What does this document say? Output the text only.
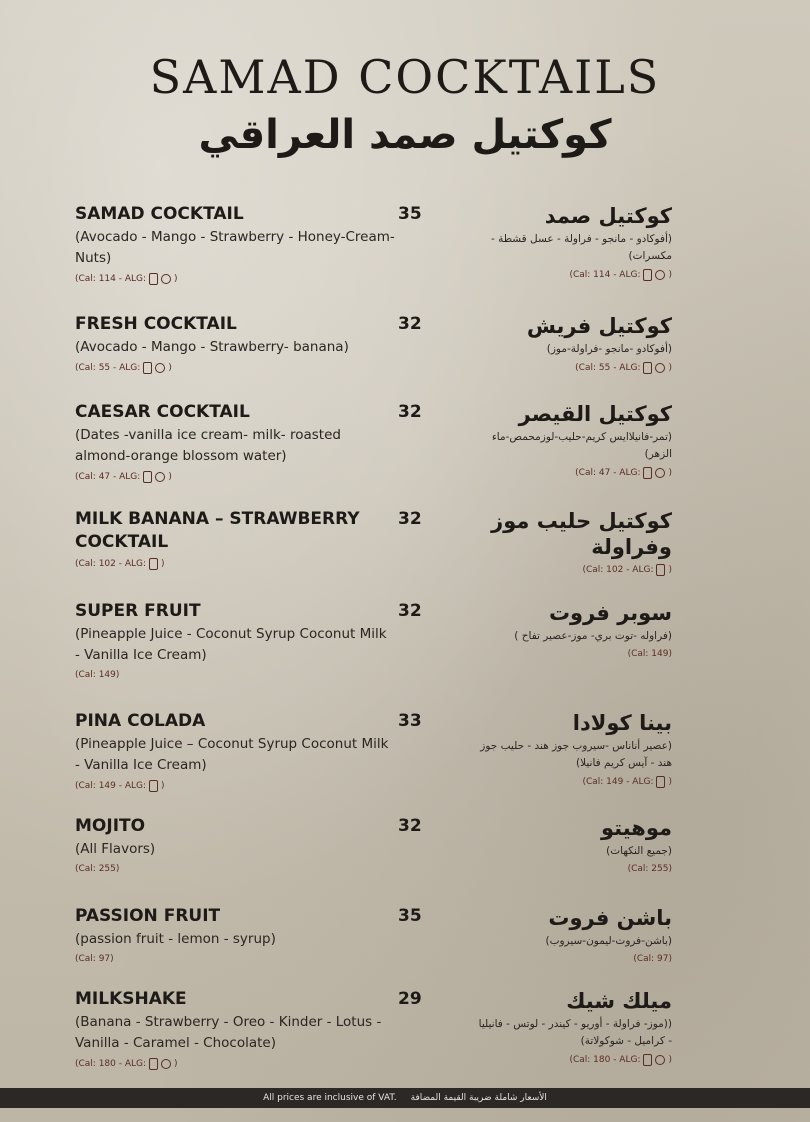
SAMAD COCKTAILS
كوكتيل صمد العراقي
SAMAD COCKTAIL
(Avocado - Mango - Strawberry - Honey-Cream-Nuts)
(Cal: 114 - ALG:	)
35	كوكتيل صمد
(أفوكادو - مانجو - فراولة - عسل قشطة - مكسرات)
(Cal: 114 - ALG:	)
FRESH COCKTAIL
(Avocado - Mango - Strawberry- banana)
(Cal: 55 - ALG:	)
32	كوكتيل فريش
(أفوكادو -مانجو -فراولة-موز)
(Cal: 55 - ALG:	)
CAESAR COCKTAIL
(Dates -vanilla ice cream- milk- roasted almond-orange blossom water)
(Cal: 47 - ALG:	)
32	كوكتيل القيصر
(تمر-فانيلاايس كريم-حليب-لوزمحمص-ماء الزهر)
(Cal: 47 - ALG:	)
MILK BANANA – STRAWBERRY COCKTAIL
(Cal: 102 - ALG: )
32	كوكتيل حليب موز وفراولة
(Cal: 102 - ALG: )
SUPER FRUIT
(Pineapple Juice - Coconut Syrup Coconut Milk - Vanilla Ice Cream)
(Cal: 149)
32	سوبر فروت
(فراوله -توت بري- موز-عصير تفاح )
(Cal: 149)
PINA COLADA
(Pineapple Juice – Coconut Syrup Coconut Milk - Vanilla Ice Cream)
(Cal: 149 - ALG: )
33	بينا كولادا
(عصير أناناس -سيروب جوز هند - حليب جوز هند - آيس كريم فانيلا)
(Cal: 149 - ALG: )
MOJITO
(All Flavors)
(Cal: 255)
32	موهيتو
(جميع النكهات)
(Cal: 255)
PASSION FRUIT
(passion fruit - lemon - syrup)
(Cal: 97)
35	باشن فروت
(باشن-فروت-ليمون-سيروب)
(Cal: 97)
MILKSHAKE
(Banana - Strawberry - Oreo - Kinder - Lotus - Vanilla - Caramel - Chocolate)
(Cal: 180 - ALG:	)
29	ميلك شيك
((موز- فراولة - أوريو - كيندر - لوتس - فانيليا - كراميل - شوكولاتة)
(Cal: 180 - ALG:	)
All prices are inclusive of VAT. الأسعار شاملة ضريبة القيمة المضافة
